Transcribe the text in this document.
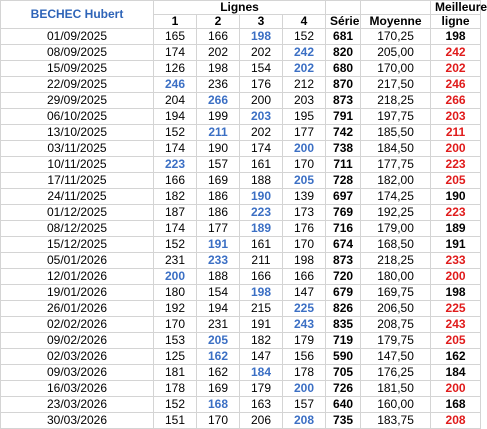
BECHEC Hubert	Lignes						Meilleure
	1	2	3	4	Série	Moyenne	ligne
01/09/2025	165	166	198	152	681	170,25	198
08/09/2025	174	202	202	242	820	205,00	242
15/09/2025	126	198	154	202	680	170,00	202
22/09/2025	246	236	176	212	870	217,50	246
29/09/2025	204	266	200	203	873	218,25	266
06/10/2025	194	199	203	195	791	197,75	203
13/10/2025	152	211	202	177	742	185,50	211
03/11/2025	174	190	174	200	738	184,50	200
10/11/2025	223	157	161	170	711	177,75	223
17/11/2025	166	169	188	205	728	182,00	205
24/11/2025	182	186	190	139	697	174,25	190
01/12/2025	187	186	223	173	769	192,25	223
08/12/2025	174	177	189	176	716	179,00	189
15/12/2025	152	191	161	170	674	168,50	191
05/01/2026	231	233	211	198	873	218,25	233
12/01/2026	200	188	166	166	720	180,00	200
19/01/2026	180	154	198	147	679	169,75	198
26/01/2026	192	194	215	225	826	206,50	225
02/02/2026	170	231	191	243	835	208,75	243
09/02/2026	153	205	182	179	719	179,75	205
02/03/2026	125	162	147	156	590	147,50	162
09/03/2026	181	162	184	178	705	176,25	184
16/03/2026	178	169	179	200	726	181,50	200
23/03/2026	152	168	163	157	640	160,00	168
30/03/2026	151	170	206	208	735	183,75	208
